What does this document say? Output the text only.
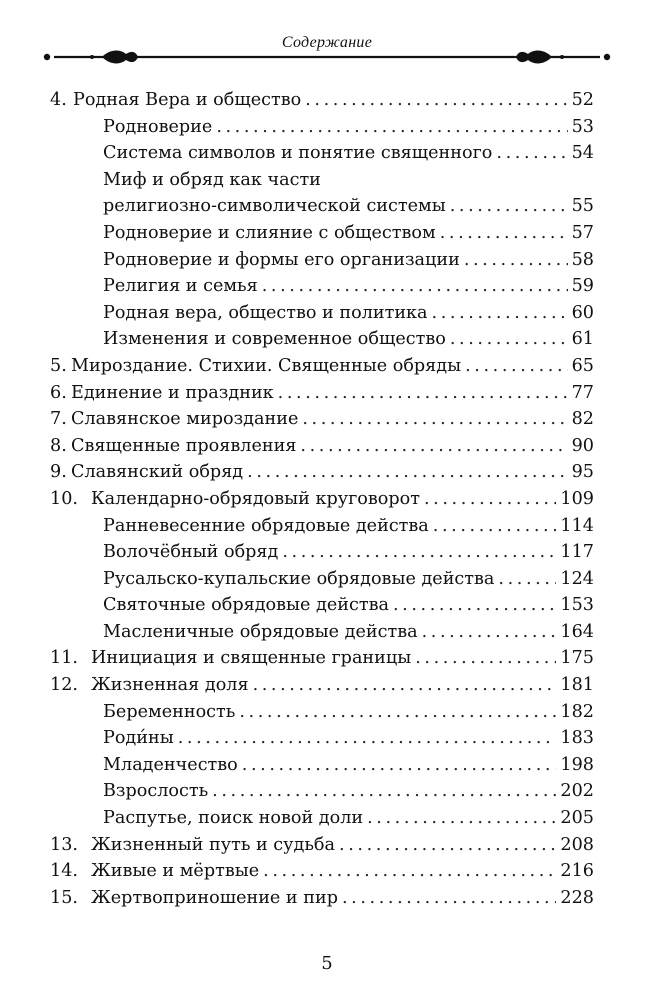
Содержание
4. Родная Вера и общество . . .	52
Родноверие . . .	53
Система символов и понятие священного . . .	54
Миф и обряд как части
религиозно-символической системы . . .	55
Родноверие и слияние с обществом . . .	57
Родноверие и формы его организации . . .	58
Религия и семья . . .	59
Родная вера, общество и политика . . .	60
Изменения и современное общество . . .	61
5. Мироздание. Стихии. Священные обряды . . .	65
6. Единение и праздник . . .	77
7. Славянское мироздание . . .	82
8. Священные проявления . . .	90
9. Славянский обряд . . .	95
10. Календарно-обрядовый круговорот . . .	109
Ранневесенние обрядовые действа . . .	114
Волочёбный обряд . . .	117
Русальско-купальские обрядовые действа . . .	124
Святочные обрядовые действа . . .	153
Масленичные обрядовые действа . . .	164
11. Инициация и священные границы . . .	175
12. Жизненная доля . . .	181
Беременность . . .	182
Роди́ны . . .	183
Младенчество . . .	198
Взрослость . . .	202
Распутье, поиск новой доли . . .	205
13. Жизненный путь и судьба . . .	208
14. Живые и мёртвые . . .	216
15. Жертвоприношение и пир . . .	228
5
